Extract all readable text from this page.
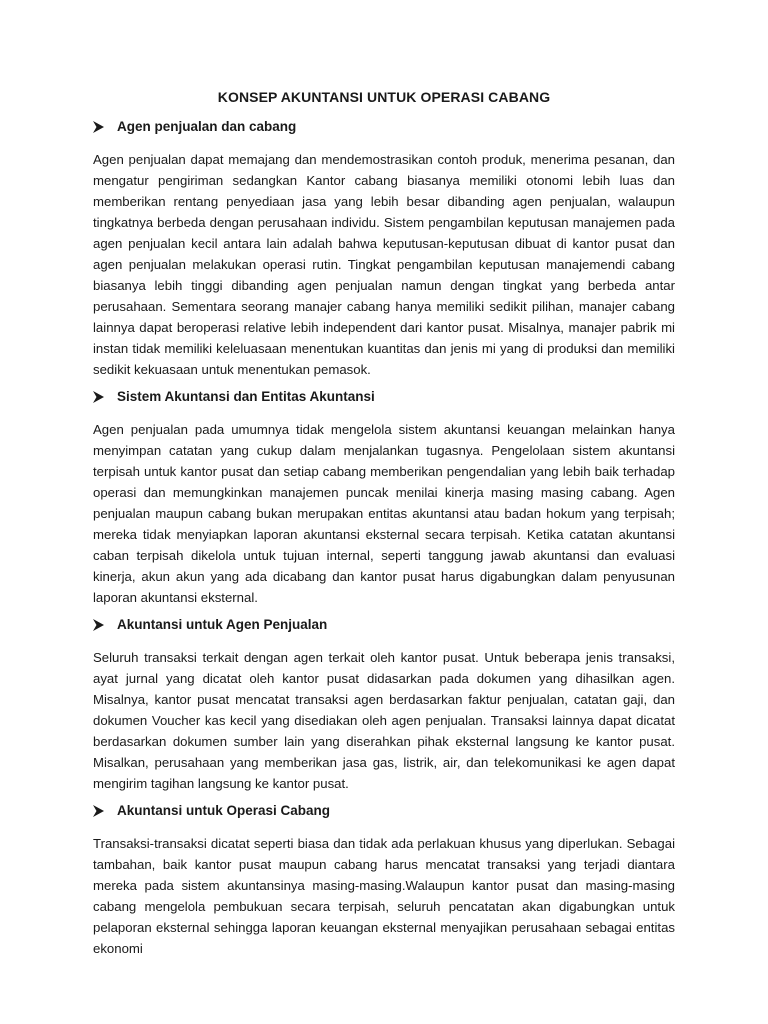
KONSEP AKUNTANSI UNTUK OPERASI CABANG
Agen penjualan dan cabang

Agen penjualan dapat memajang dan mendemostrasikan contoh produk, menerima pesanan, dan mengatur pengiriman sedangkan Kantor cabang biasanya memiliki otonomi lebih luas dan memberikan rentang penyediaan jasa yang lebih besar dibanding agen penjualan, walaupun tingkatnya berbeda dengan perusahaan individu. Sistem pengambilan keputusan manajemen pada agen penjualan kecil antara lain adalah bahwa keputusan-keputusan dibuat di kantor pusat dan agen penjualan melakukan operasi rutin. Tingkat pengambilan keputusan manajemendi cabang biasanya lebih tinggi dibanding agen penjualan namun dengan tingkat yang berbeda antar perusahaan. Sementara seorang manajer cabang hanya memiliki sedikit pilihan, manajer cabang lainnya dapat beroperasi relative lebih independent dari kantor pusat. Misalnya, manajer pabrik mi instan tidak memiliki keleluasaan menentukan kuantitas dan jenis mi yang di produksi dan memiliki sedikit kekuasaan untuk menentukan pemasok.

Sistem Akuntansi dan Entitas Akuntansi

Agen penjualan pada umumnya tidak mengelola sistem akuntansi keuangan melainkan hanya menyimpan catatan yang cukup dalam menjalankan tugasnya. Pengelolaan sistem akuntansi terpisah untuk kantor pusat dan setiap cabang memberikan pengendalian yang lebih baik terhadap operasi dan memungkinkan manajemen puncak menilai kinerja masing masing cabang. Agen penjualan maupun cabang bukan merupakan entitas akuntansi atau badan hokum yang terpisah; mereka tidak menyiapkan laporan akuntansi eksternal secara terpisah. Ketika catatan akuntansi caban terpisah dikelola untuk tujuan internal, seperti tanggung jawab akuntansi dan evaluasi kinerja, akun akun yang ada dicabang dan kantor pusat harus digabungkan dalam penyusunan laporan akuntansi eksternal.

Akuntansi untuk Agen Penjualan

Seluruh transaksi terkait dengan agen terkait oleh kantor pusat. Untuk beberapa jenis transaksi, ayat jurnal yang dicatat oleh kantor pusat didasarkan pada dokumen yang dihasilkan agen. Misalnya, kantor pusat mencatat transaksi agen berdasarkan faktur penjualan, catatan gaji, dan dokumen Voucher kas kecil yang disediakan oleh agen penjualan. Transaksi lainnya dapat dicatat berdasarkan dokumen sumber lain yang diserahkan pihak eksternal langsung ke kantor pusat. Misalkan, perusahaan yang memberikan jasa gas, listrik, air, dan telekomunikasi ke agen dapat mengirim tagihan langsung ke kantor pusat.

Akuntansi untuk Operasi Cabang

Transaksi-transaksi dicatat seperti biasa dan tidak ada perlakuan khusus yang diperlukan. Sebagai tambahan, baik kantor pusat maupun cabang harus mencatat transaksi yang terjadi diantara mereka pada sistem akuntansinya masing-masing.Walaupun kantor pusat dan masing-masing cabang mengelola pembukuan secara terpisah, seluruh pencatatan akan digabungkan untuk pelaporan eksternal sehingga laporan keuangan eksternal menyajikan perusahaan sebagai entitas ekonomi
